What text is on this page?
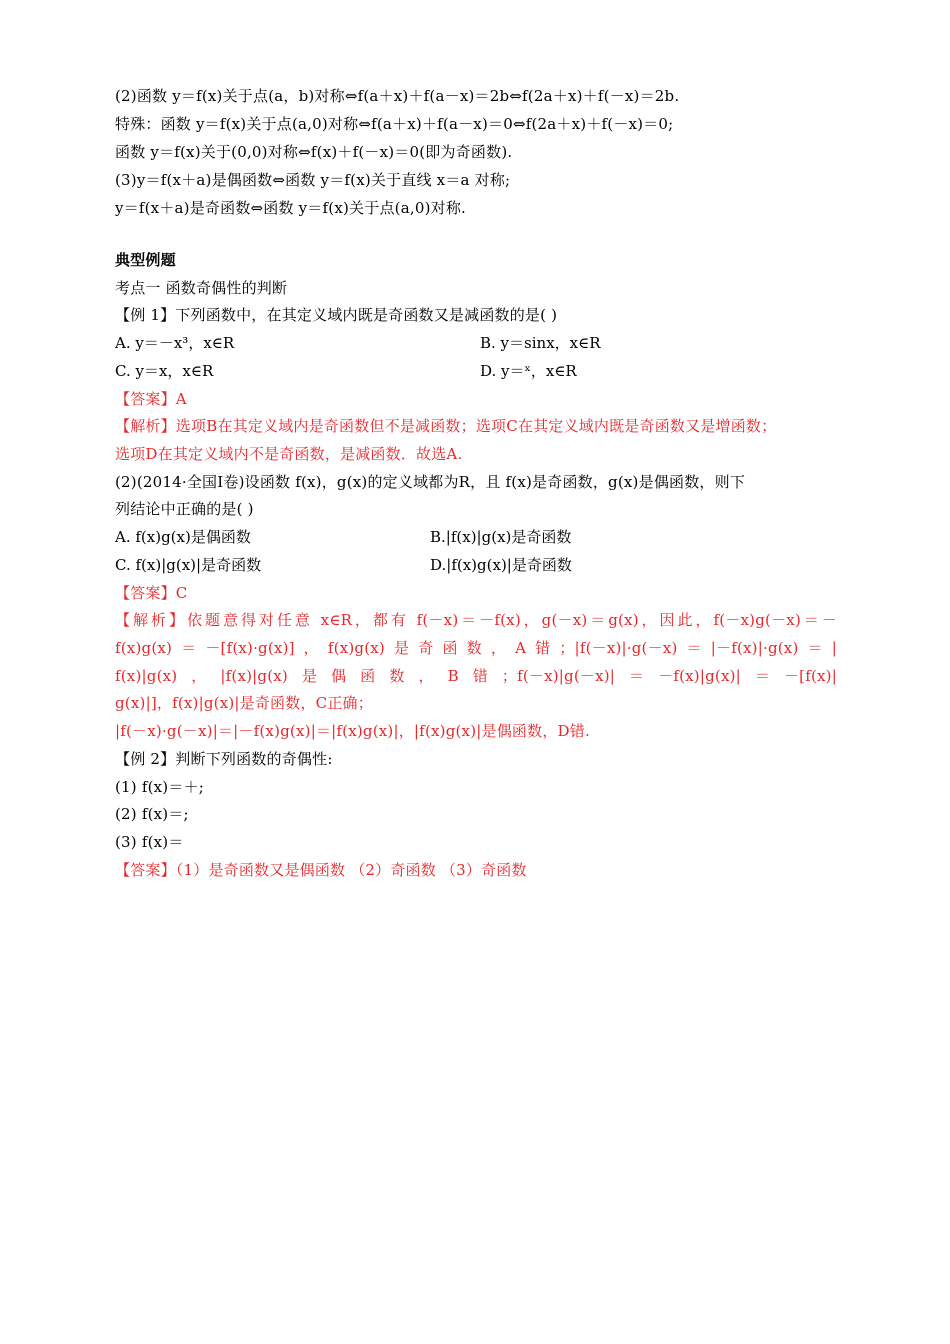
(2)函数 y＝f(x)关于点(a，b)对称⇔f(a＋x)＋f(a－x)＝2b⇔f(2a＋x)＋f(－x)＝2b.
特殊：函数 y＝f(x)关于点(a,0)对称⇔f(a＋x)＋f(a－x)＝0⇔f(2a＋x)＋f(－x)＝0;
函数 y＝f(x)关于(0,0)对称⇔f(x)＋f(－x)＝0(即为奇函数).
(3)y＝f(x＋a)是偶函数⇔函数 y＝f(x)关于直线 x＝a 对称;
y＝f(x＋a)是奇函数⇔函数 y＝f(x)关于点(a,0)对称.
典型例题
考点一 函数奇偶性的判断
【例 1】下列函数中，在其定义域内既是奇函数又是减函数的是( )
A. y＝－x³，x∈R	B. y＝sinx，x∈R
C. y＝x，x∈R	D. y＝ˣ，x∈R
【答案】A
【解析】选项B在其定义域内是奇函数但不是减函数；选项C在其定义域内既是奇函数又是增函数；
选项D在其定义域内不是奇函数，是减函数．故选A.
(2)(2014·全国Ⅰ卷)设函数 f(x)，g(x)的定义域都为R，且 f(x)是奇函数，g(x)是偶函数，则下
列结论中正确的是( )
A. f(x)g(x)是偶函数	B.|f(x)|g(x)是奇函数
C. f(x)|g(x)|是奇函数	D.|f(x)g(x)|是奇函数
【答案】C
【解析】依题意得对任意 x∈R，都有 f(－x)＝－f(x)，g(－x)＝g(x)，因此，f(－x)g(－x)＝－
f(x)g(x)＝－[f(x)·g(x)]，f(x)g(x)是奇函数，A错；|f(－x)|·g(－x)＝|－f(x)|·g(x)＝|
f(x)|g(x)，|f(x)|g(x)是偶函数，B错；f(－x)|g(－x)|＝－f(x)|g(x)|＝－[f(x)|
g(x)|]，f(x)|g(x)|是奇函数，C正确；
|f(－x)·g(－x)|＝|－f(x)g(x)|＝|f(x)g(x)|，|f(x)g(x)|是偶函数，D错.
【例 2】判断下列函数的奇偶性:
(1) f(x)＝＋;
(2) f(x)＝;
(3) f(x)＝
【答案】（1）是奇函数又是偶函数 （2）奇函数 （3）奇函数
